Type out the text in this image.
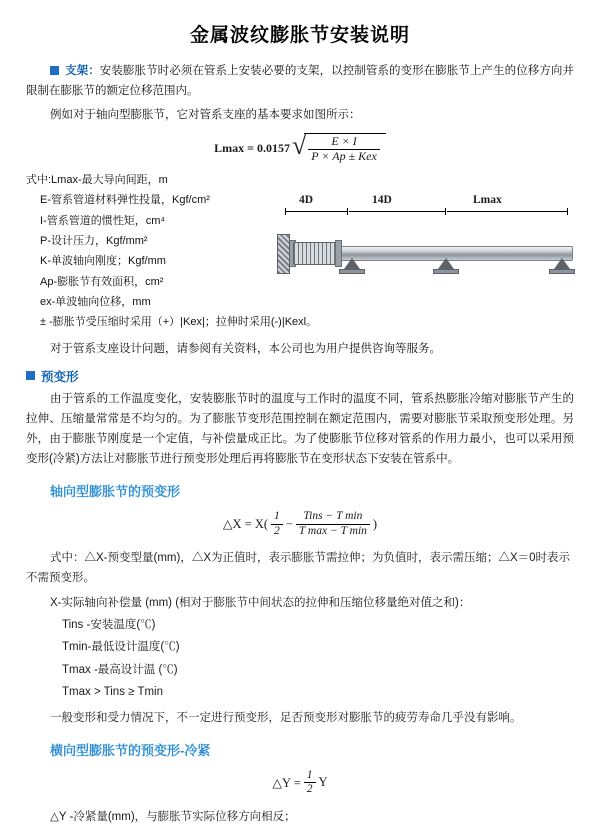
金属波纹膨胀节安装说明
支架：安装膨胀节时必须在管系上安装必要的支架，以控制管系的变形在膨胀节上产生的位移方向并限制在膨胀节的额定位移范围内。
例如对于轴向型膨胀节，它对管系支座的基本要求如图所示：
Lmax = 0.0157 √ $\frac{E \times I}{\text{P × Ap ± Kex}}$
式中:Lmax-最大导向间距，m
E-管系管道材料弹性投量，Kgf/cm²
I-管系管道的惯性矩，cm⁴
P-设计压力，Kgf/mm²
K-单波轴向刚度；Kgf/mm
Ap-膨胀节有效面积，cm²
ex-单波轴向位移，mm
± -膨胀节受压缩时采用（+）|Kex|；拉伸时采用(-)|Kexl。
4D	14D	Lmax
对于管系支座设计问题，请参阅有关资料，本公司也为用户提供咨询等服务。
预变形
由于管系的工作温度变化，安装膨胀节时的温度与工作时的温度不同，管系热膨胀冷缩对膨胀节产生的拉伸、压缩量常常是不均匀的。为了膨胀节变形范围控制在额定范围内，需要对膨胀节采取预变形处理。另外，由于膨胀节刚度是一个定值，与补偿量成正比。为了使膨胀节位移对管系的作用力最小，也可以采用预变形(冷紧)方法让对膨胀节进行预变形处理后再将膨胀节在变形状态下安装在管系中。
轴向型膨胀节的预变形
△X = $X( \frac{1}{2} - \frac{\text{Tins − T min}}{\text{T max − T min}}$ )
式中：△X-预变型量(mm)，△X为正值时，表示膨胀节需拉伸；为负值时，表示需压缩；△X＝0时表示不需预变形。
X-实际轴向补偿量 (mm) (相对于膨胀节中间状态的拉伸和压缩位移量绝对值之和)：
Tins -安装温度(℃)
Tmin-最低设计温度(℃)
Tmax -最高设计温 (℃)
Tmax > Tins ≥ Tmin
一般变形和受力情况下，不一定进行预变形，足否预变形对膨胀节的疲劳寿命几乎没有影响。
横向型膨胀节的预变形-冷紧
△Y = $\frac{1}{2}$ Y
△Y -冷紧量(mm)，与膨胀节实际位移方向相反；
